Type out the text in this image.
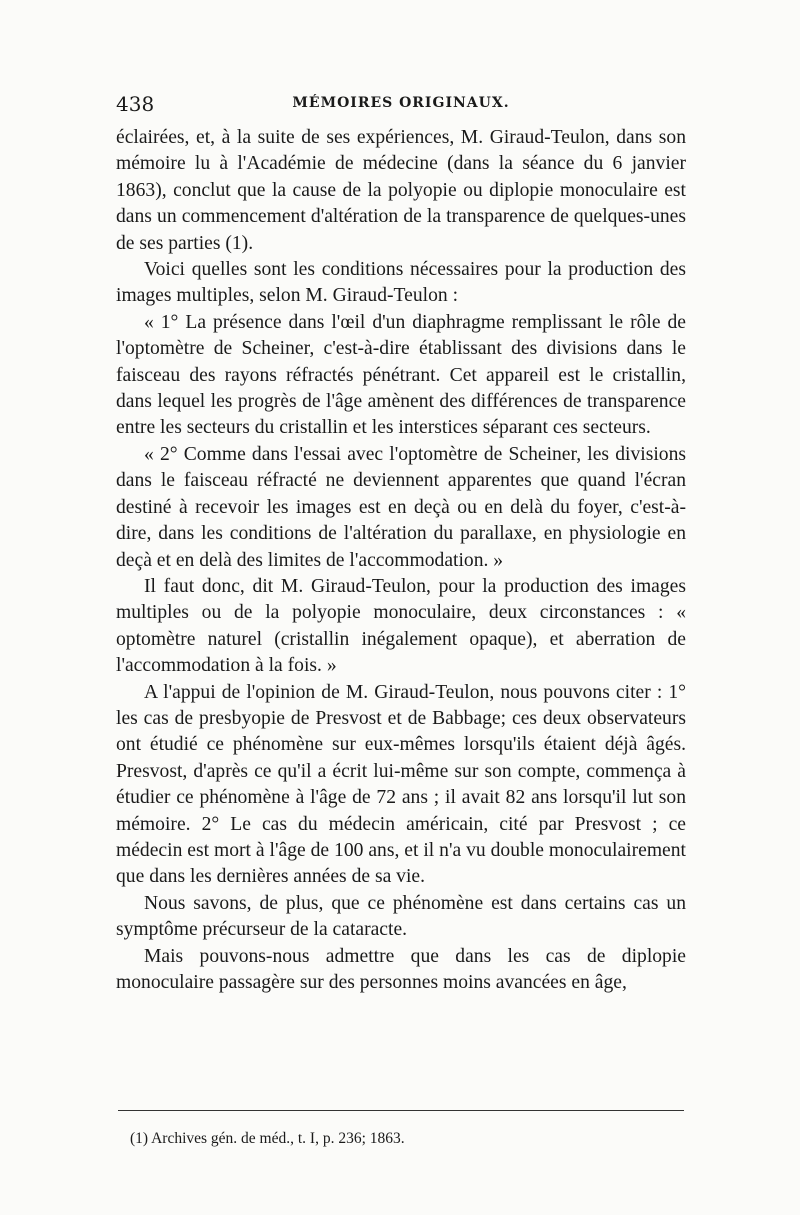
438	MÉMOIRES ORIGINAUX.

éclairées, et, à la suite de ses expériences, M. Giraud-Teulon, dans son mémoire lu à l'Académie de médecine (dans la séance du 6 janvier 1863), conclut que la cause de la polyopie ou diplopie monoculaire est dans un commencement d'altération de la transparence de quelques-unes de ses parties (1).

Voici quelles sont les conditions nécessaires pour la production des images multiples, selon M. Giraud-Teulon :

« 1° La présence dans l'œil d'un diaphragme remplissant le rôle de l'optomètre de Scheiner, c'est-à-dire établissant des divisions dans le faisceau des rayons réfractés pénétrant. Cet appareil est le cristallin, dans lequel les progrès de l'âge amènent des différences de transparence entre les secteurs du cristallin et les interstices séparant ces secteurs.

« 2° Comme dans l'essai avec l'optomètre de Scheiner, les divisions dans le faisceau réfracté ne deviennent apparentes que quand l'écran destiné à recevoir les images est en deçà ou en delà du foyer, c'est-à-dire, dans les conditions de l'altération du parallaxe, en physiologie en deçà et en delà des limites de l'accommodation. »

Il faut donc, dit M. Giraud-Teulon, pour la production des images multiples ou de la polyopie monoculaire, deux circonstances : « optomètre naturel (cristallin inégalement opaque), et aberration de l'accommodation à la fois. »

A l'appui de l'opinion de M. Giraud-Teulon, nous pouvons citer : 1° les cas de presbyopie de Presvost et de Babbage; ces deux observateurs ont étudié ce phénomène sur eux-mêmes lorsqu'ils étaient déjà âgés. Presvost, d'après ce qu'il a écrit lui-même sur son compte, commença à étudier ce phénomène à l'âge de 72 ans ; il avait 82 ans lorsqu'il lut son mémoire. 2° Le cas du médecin américain, cité par Presvost ; ce médecin est mort à l'âge de 100 ans, et il n'a vu double monoculairement que dans les dernières années de sa vie.

Nous savons, de plus, que ce phénomène est dans certains cas un symptôme précurseur de la cataracte.

Mais pouvons-nous admettre que dans les cas de diplopie monoculaire passagère sur des personnes moins avancées en âge,

(1) Archives gén. de méd., t. I, p. 236; 1863.
